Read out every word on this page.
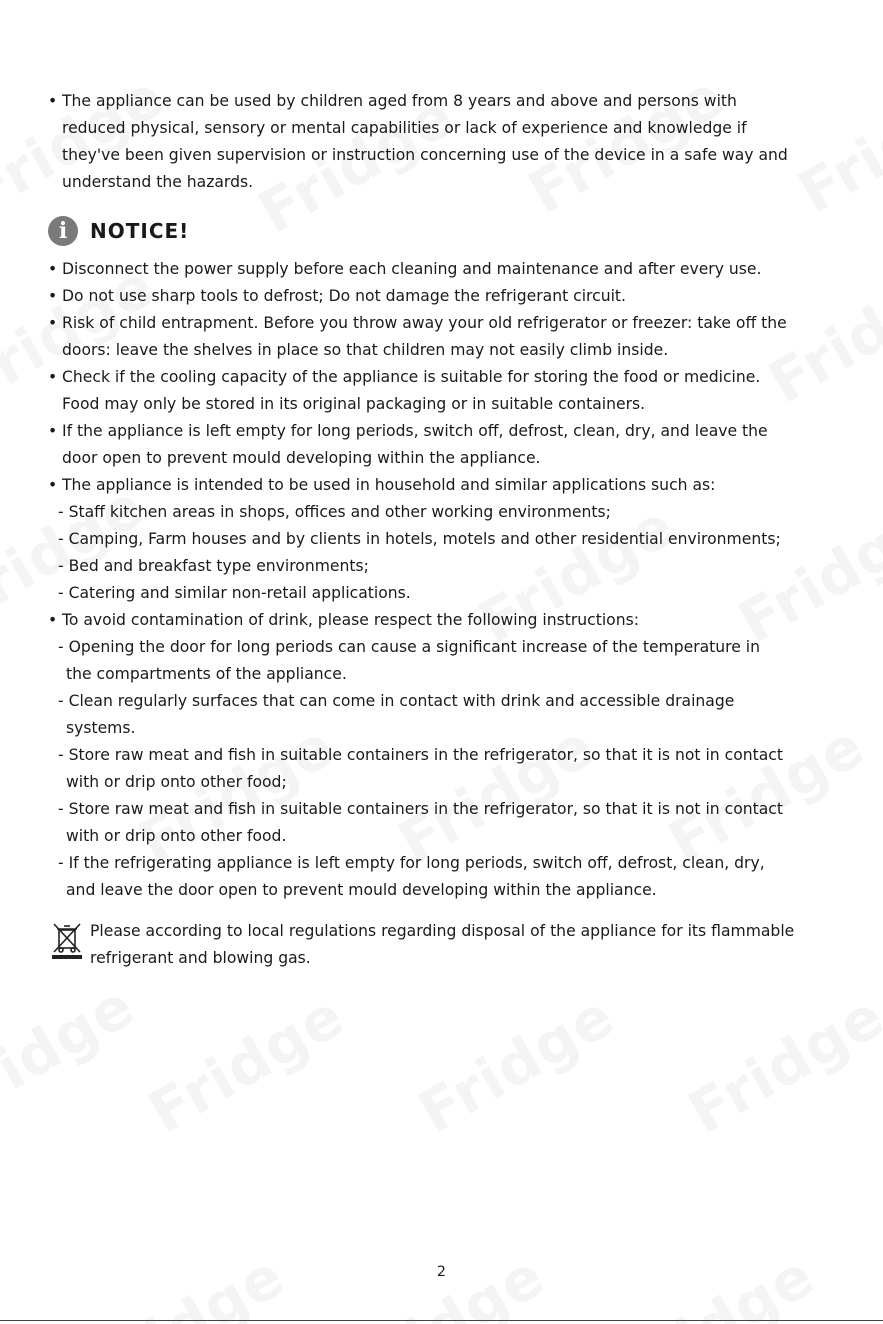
• The appliance can be used by children aged from 8 years and above and persons with
reduced physical, sensory or mental capabilities or lack of experience and knowledge if
they've been given supervision or instruction concerning use of the device in a safe way and
understand the hazards.
i	NOTICE!
• Disconnect the power supply before each cleaning and maintenance and after every use.
• Do not use sharp tools to defrost; Do not damage the refrigerant circuit.
• Risk of child entrapment. Before you throw away your old refrigerator or freezer: take off the
doors: leave the shelves in place so that children may not easily climb inside.
• Check if the cooling capacity of the appliance is suitable for storing the food or medicine.
Food may only be stored in its original packaging or in suitable containers.
• If the appliance is left empty for long periods, switch off, defrost, clean, dry, and leave the
door open to prevent mould developing within the appliance.
• The appliance is intended to be used in household and similar applications such as:
- Staff kitchen areas in shops, offices and other working environments;
- Camping, Farm houses and by clients in hotels, motels and other residential environments;
- Bed and breakfast type environments;
- Catering and similar non-retail applications.
• To avoid contamination of drink, please respect the following instructions:
- Opening the door for long periods can cause a significant increase of the temperature in
the compartments of the appliance.
- Clean regularly surfaces that can come in contact with drink and accessible drainage
systems.
- Store raw meat and fish in suitable containers in the refrigerator, so that it is not in contact
with or drip onto other food;
- Store raw meat and fish in suitable containers in the refrigerator, so that it is not in contact
with or drip onto other food.
- If the refrigerating appliance is left empty for long periods, switch off, defrost, clean, dry,
and leave the door open to prevent mould developing within the appliance.
Please according to local regulations regarding disposal of the appliance for its flammable
refrigerant and blowing gas.
2
